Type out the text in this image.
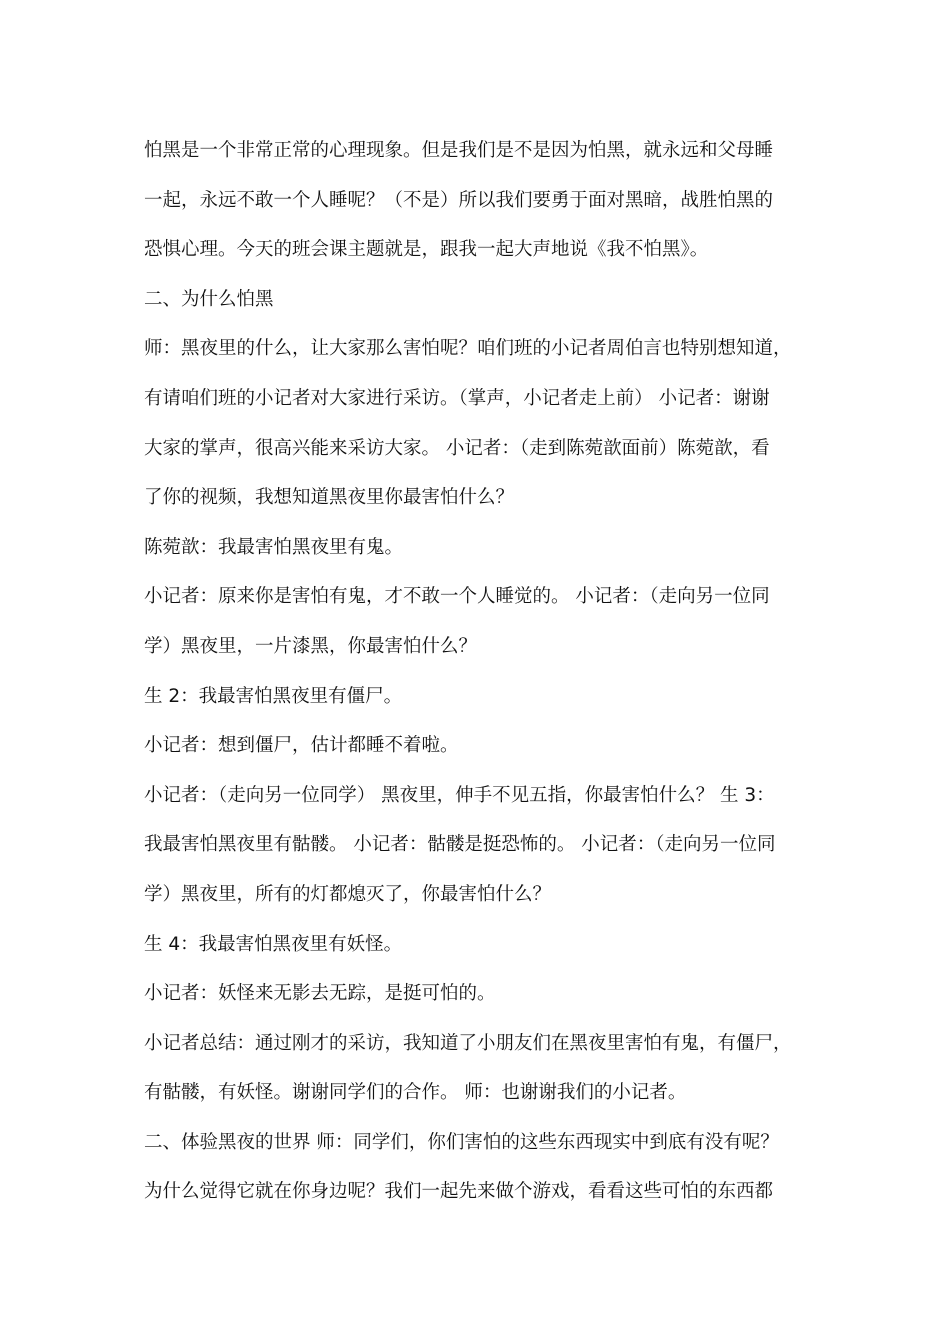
怕黑是一个非常正常的心理现象。但是我们是不是因为怕黑，就永远和父母睡
一起，永远不敢一个人睡呢？（不是）所以我们要勇于面对黑暗，战胜怕黑的
恐惧心理。今天的班会课主题就是，跟我一起大声地说《我不怕黑》。
二、为什么怕黑
师：黑夜里的什么，让大家那么害怕呢？咱们班的小记者周伯言也特别想知道，
有请咱们班的小记者对大家进行采访。（掌声，小记者走上前） 小记者：谢谢
大家的掌声，很高兴能来采访大家。 小记者：（走到陈菀歆面前）陈菀歆，看
了你的视频，我想知道黑夜里你最害怕什么？
陈菀歆：我最害怕黑夜里有鬼。
小记者：原来你是害怕有鬼，才不敢一个人睡觉的。 小记者：（走向另一位同
学）黑夜里，一片漆黑，你最害怕什么？
生 2：我最害怕黑夜里有僵尸。
小记者：想到僵尸，估计都睡不着啦。
小记者：（走向另一位同学） 黑夜里，伸手不见五指，你最害怕什么？ 生 3：
我最害怕黑夜里有骷髅。 小记者：骷髅是挺恐怖的。 小记者：（走向另一位同
学）黑夜里，所有的灯都熄灭了，你最害怕什么？
生 4：我最害怕黑夜里有妖怪。
小记者：妖怪来无影去无踪，是挺可怕的。
小记者总结：通过刚才的采访，我知道了小朋友们在黑夜里害怕有鬼，有僵尸，
有骷髅，有妖怪。谢谢同学们的合作。 师：也谢谢我们的小记者。
二、体验黑夜的世界 师：同学们，你们害怕的这些东西现实中到底有没有呢？
为什么觉得它就在你身边呢？我们一起先来做个游戏，看看这些可怕的东西都
